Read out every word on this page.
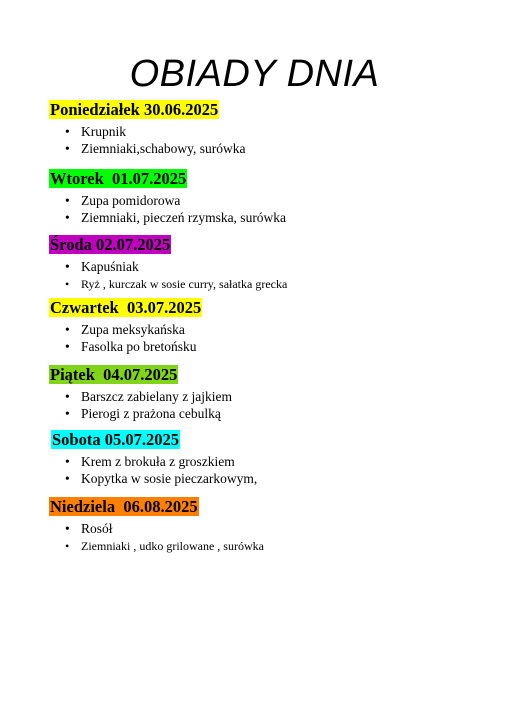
OBIADY DNIA
Poniedziałek 30.06.2025
• Krupnik
• Ziemniaki,schabowy, surówka
Wtorek  01.07.2025
• Zupa pomidorowa
• Ziemniaki, pieczeń rzymska, surówka
Środa 02.07.2025
• Kapuśniak
• Ryż , kurczak w sosie curry, sałatka grecka
Czwartek  03.07.2025
• Zupa meksykańska
• Fasolka po bretońsku
Piątek  04.07.2025
• Barszcz zabielany z jajkiem
• Pierogi z prażona cebulką
Sobota 05.07.2025
• Krem z brokuła z groszkiem
• Kopytka w sosie pieczarkowym,
Niedziela  06.08.2025
• Rosół
• Ziemniaki , udko grilowane , surówka
